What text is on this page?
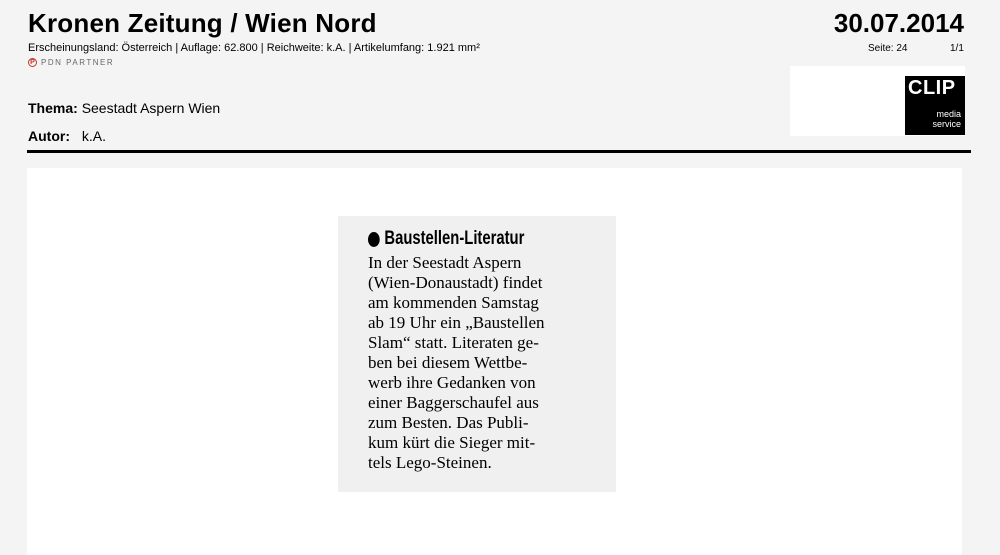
Kronen Zeitung / Wien Nord
Erscheinungsland: Österreich | Auflage: 62.800 | Reichweite: k.A. | Artikelumfang: 1.921 mm²
P PDN PARTNER
30.07.2014
Seite: 24	1/1
CLIP
media
service
Thema: Seestadt Aspern Wien
Autor: k.A.
Baustellen-Literatur
In der Seestadt Aspern
(Wien-Donaustadt) findet
am kommenden Samstag
ab 19 Uhr ein „Baustellen
Slam“ statt. Literaten ge-
ben bei diesem Wettbe-
werb ihre Gedanken von
einer Baggerschaufel aus
zum Besten. Das Publi-
kum kürt die Sieger mit-
tels Lego-Steinen.
